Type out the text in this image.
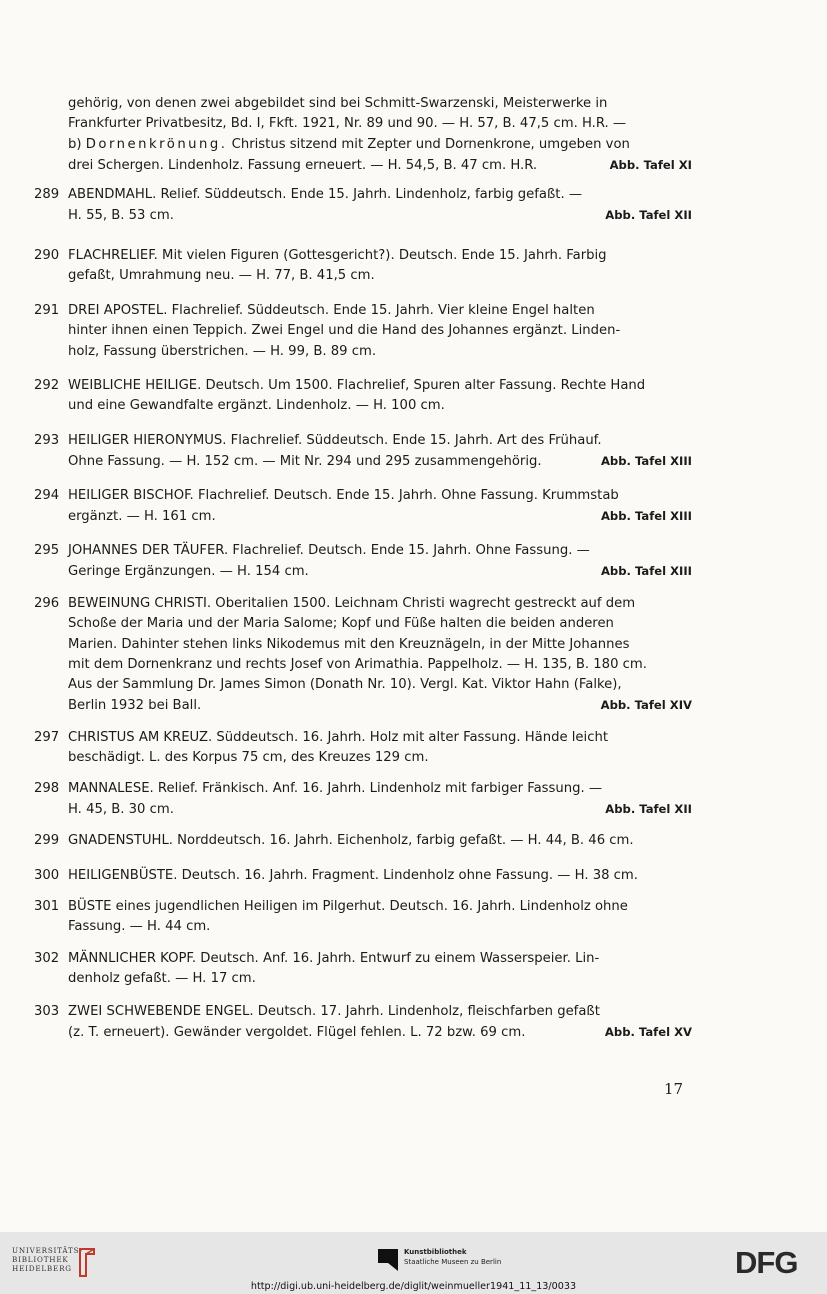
gehörig, von denen zwei abgebildet sind bei Schmitt-Swarzenski, Meisterwerke in
Frankfurter Privatbesitz, Bd. I, Fkft. 1921, Nr. 89 und 90. — H. 57, B. 47,5 cm. H.R. —
b) Dornenkrönung. Christus sitzend mit Zepter und Dornenkrone, umgeben von
drei Schergen. Lindenholz. Fassung erneuert. — H. 54,5, B. 47 cm. H.R.	Abb. Tafel XI
289 ABENDMAHL. Relief. Süddeutsch. Ende 15. Jahrh. Lindenholz, farbig gefaßt. —
H. 55, B. 53 cm.	Abb. Tafel XII
290 FLACHRELIEF. Mit vielen Figuren (Gottesgericht?). Deutsch. Ende 15. Jahrh. Farbig
gefaßt, Umrahmung neu. — H. 77, B. 41,5 cm.
291 DREI APOSTEL. Flachrelief. Süddeutsch. Ende 15. Jahrh. Vier kleine Engel halten
hinter ihnen einen Teppich. Zwei Engel und die Hand des Johannes ergänzt. Linden-
holz, Fassung überstrichen. — H. 99, B. 89 cm.
292 WEIBLICHE HEILIGE. Deutsch. Um 1500. Flachrelief, Spuren alter Fassung. Rechte Hand
und eine Gewandfalte ergänzt. Lindenholz. — H. 100 cm.
293 HEILIGER HIERONYMUS. Flachrelief. Süddeutsch. Ende 15. Jahrh. Art des Frühauf.
Ohne Fassung. — H. 152 cm. — Mit Nr. 294 und 295 zusammengehörig.	Abb. Tafel XIII
294 HEILIGER BISCHOF. Flachrelief. Deutsch. Ende 15. Jahrh. Ohne Fassung. Krummstab
ergänzt. — H. 161 cm.	Abb. Tafel XIII
295 JOHANNES DER TÄUFER. Flachrelief. Deutsch. Ende 15. Jahrh. Ohne Fassung. —
Geringe Ergänzungen. — H. 154 cm.	Abb. Tafel XIII
296 BEWEINUNG CHRISTI. Oberitalien 1500. Leichnam Christi wagrecht gestreckt auf dem
Schoße der Maria und der Maria Salome; Kopf und Füße halten die beiden anderen
Marien. Dahinter stehen links Nikodemus mit den Kreuznägeln, in der Mitte Johannes
mit dem Dornenkranz und rechts Josef von Arimathia. Pappelholz. — H. 135, B. 180 cm.
Aus der Sammlung Dr. James Simon (Donath Nr. 10). Vergl. Kat. Viktor Hahn (Falke),
Berlin 1932 bei Ball.	Abb. Tafel XIV
297 CHRISTUS AM KREUZ. Süddeutsch. 16. Jahrh. Holz mit alter Fassung. Hände leicht
beschädigt. L. des Korpus 75 cm, des Kreuzes 129 cm.
298 MANNALESE. Relief. Fränkisch. Anf. 16. Jahrh. Lindenholz mit farbiger Fassung. —
H. 45, B. 30 cm.	Abb. Tafel XII
299 GNADENSTUHL. Norddeutsch. 16. Jahrh. Eichenholz, farbig gefaßt. — H. 44, B. 46 cm.
300 HEILIGENBÜSTE. Deutsch. 16. Jahrh. Fragment. Lindenholz ohne Fassung. — H. 38 cm.
301 BÜSTE eines jugendlichen Heiligen im Pilgerhut. Deutsch. 16. Jahrh. Lindenholz ohne
Fassung. — H. 44 cm.
302 MÄNNLICHER KOPF. Deutsch. Anf. 16. Jahrh. Entwurf zu einem Wasserspeier. Lin-
denholz gefaßt. — H. 17 cm.
303 ZWEI SCHWEBENDE ENGEL. Deutsch. 17. Jahrh. Lindenholz, fleischfarben gefaßt
(z. T. erneuert). Gewänder vergoldet. Flügel fehlen. L. 72 bzw. 69 cm.	Abb. Tafel XV
17
UNIVERSITÄTS-
BIBLIOTHEK
HEIDELBERG
Kunstbibliothek
Staatliche Museen zu Berlin	DFG
http://digi.ub.uni-heidelberg.de/diglit/weinmueller1941_11_13/0033
